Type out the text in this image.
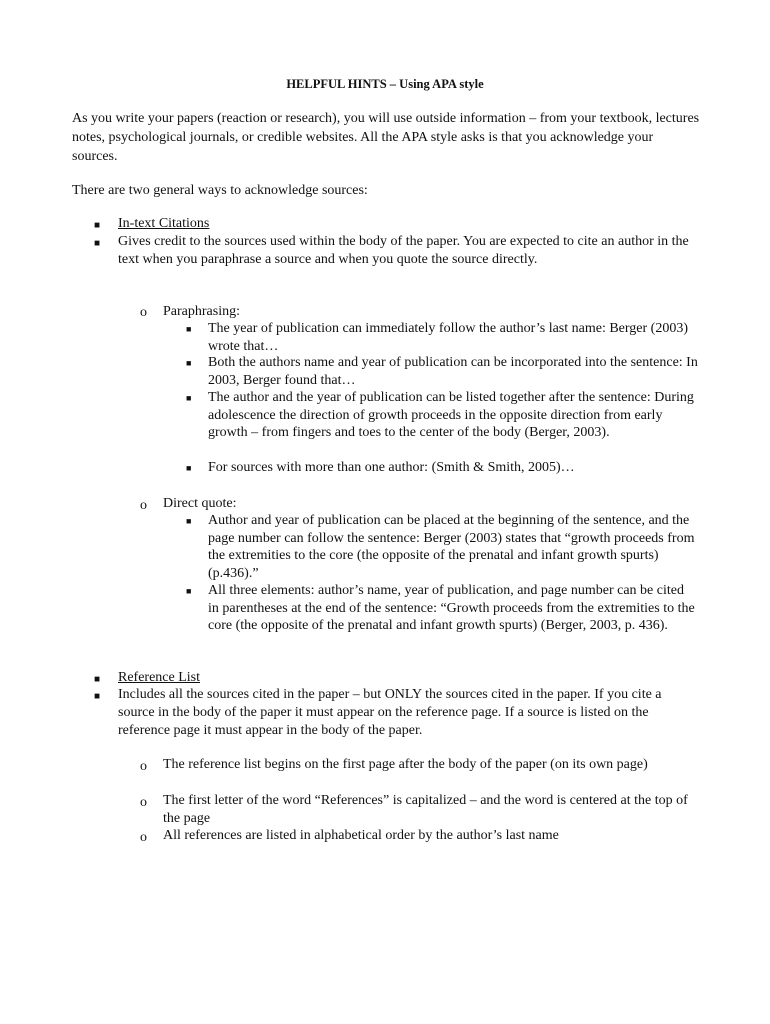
HELPFUL HINTS – Using APA style
As you write your papers (reaction or research), you will use outside information – from your textbook, lectures notes, psychological journals, or credible websites. All the APA style asks is that you acknowledge your sources.
There are two general ways to acknowledge sources:
■ In-text Citations
■ Gives credit to the sources used within the body of the paper. You are expected to cite an author in the text when you paraphrase a source and when you quote the source directly.
o Paraphrasing:
■ The year of publication can immediately follow the author’s last name: Berger (2003) wrote that…
■ Both the authors name and year of publication can be incorporated into the sentence: In 2003, Berger found that…
■ The author and the year of publication can be listed together after the sentence: During adolescence the direction of growth proceeds in the opposite direction from early growth – from fingers and toes to the center of the body (Berger, 2003).
■ For sources with more than one author: (Smith & Smith, 2005)…
o Direct quote:
■ Author and year of publication can be placed at the beginning of the sentence, and the page number can follow the sentence: Berger (2003) states that “growth proceeds from the extremities to the core (the opposite of the prenatal and infant growth spurts) (p.436).”
■ All three elements: author’s name, year of publication, and page number can be cited in parentheses at the end of the sentence: “Growth proceeds from the extremities to the core (the opposite of the prenatal and infant growth spurts) (Berger, 2003, p. 436).
■ Reference List
■ Includes all the sources cited in the paper – but ONLY the sources cited in the paper. If you cite a source in the body of the paper it must appear on the reference page. If a source is listed on the reference page it must appear in the body of the paper.
o The reference list begins on the first page after the body of the paper (on its own page)
o The first letter of the word “References” is capitalized – and the word is centered at the top of the page
o All references are listed in alphabetical order by the author’s last name
